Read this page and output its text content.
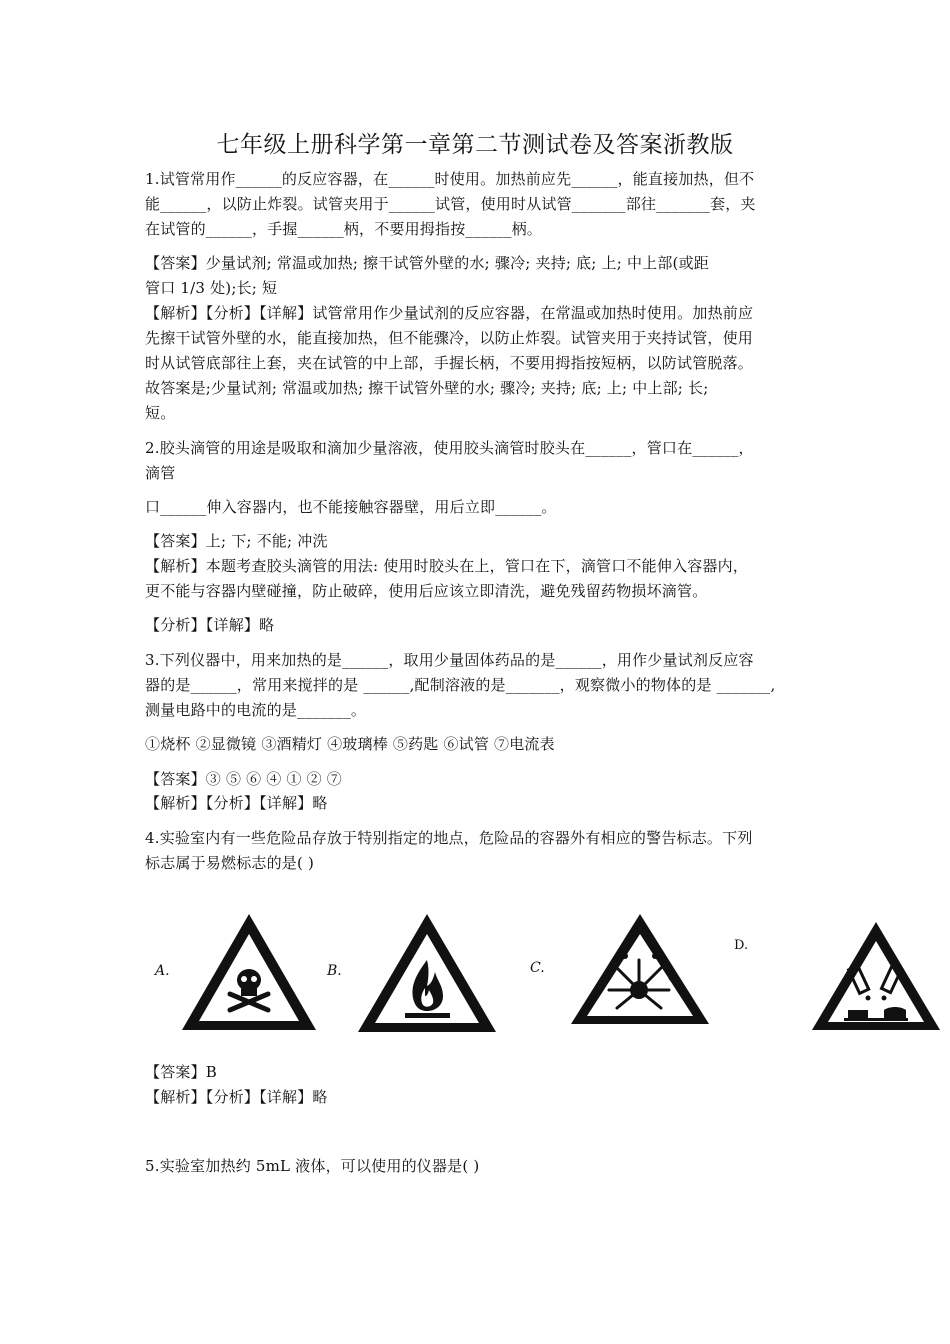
七年级上册科学第一章第二节测试卷及答案浙教版
1.试管常用作______的反应容器，在______时使用。加热前应先______，能直接加热，但不
能______，以防止炸裂。试管夹用于______试管，使用时从试管_______部往_______套，夹
在试管的______，手握______柄，不要用拇指按______柄。
【答案】少量试剂; 常温或加热; 擦干试管外壁的水; 骤冷; 夹持; 底; 上; 中上部(或距
管口 1/3 处);长; 短
【解析】【分析】【详解】试管常用作少量试剂的反应容器，在常温或加热时使用。加热前应
先擦干试管外壁的水，能直接加热，但不能骤冷，以防止炸裂。试管夹用于夹持试管，使用
时从试管底部往上套，夹在试管的中上部，手握长柄，不要用拇指按短柄，以防试管脱落。
故答案是;少量试剂; 常温或加热; 擦干试管外壁的水; 骤冷; 夹持; 底; 上; 中上部; 长;
短。
2.胶头滴管的用途是吸取和滴加少量溶液，使用胶头滴管时胶头在______，管口在______，
滴管
口______伸入容器内，也不能接触容器壁，用后立即______。
【答案】上; 下; 不能; 冲洗
【解析】本题考查胶头滴管的用法: 使用时胶头在上，管口在下，滴管口不能伸入容器内，
更不能与容器内壁碰撞，防止破碎，使用后应该立即清洗，避免残留药物损坏滴管。
【分析】【详解】略
3.下列仪器中，用来加热的是______，取用少量固体药品的是______，用作少量试剂反应容
器的是______，常用来搅拌的是 ______,配制溶液的是_______，观察微小的物体的是 _______,
测量电路中的电流的是_______。
①烧杯 ②显微镜 ③酒精灯 ④玻璃棒 ⑤药匙 ⑥试管 ⑦电流表
【答案】③ ⑤ ⑥ ④ ① ② ⑦
【解析】【分析】【详解】略
4.实验室内有一些危险品存放于特别指定的地点，危险品的容器外有相应的警告标志。下列
标志属于易燃标志的是( )
A.	B.	C.
D.
【答案】B
【解析】【分析】【详解】略
5.实验室加热约 5mL 液体，可以使用的仪器是( )
